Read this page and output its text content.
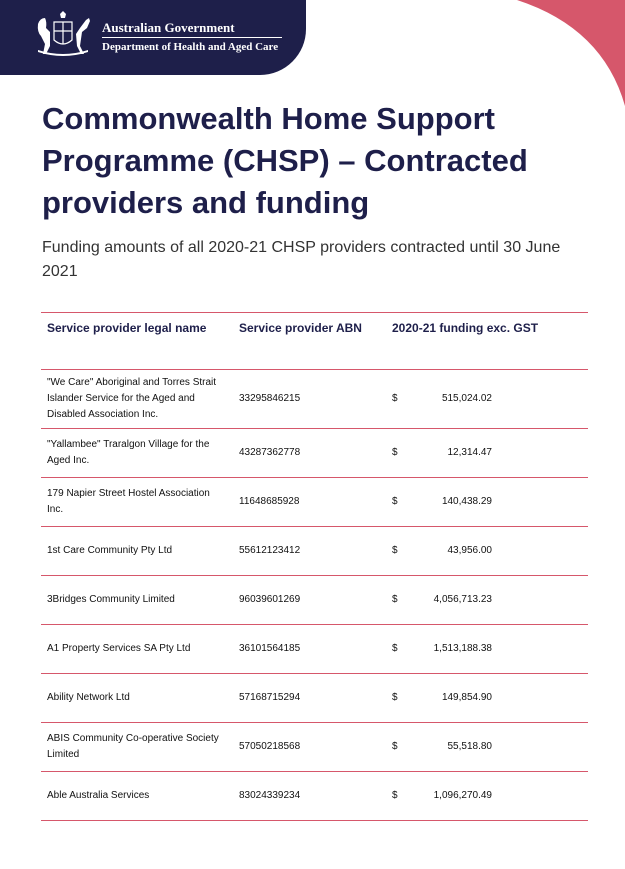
Australian Government
Department of Health and Aged Care
Commonwealth Home Support Programme (CHSP) – Contracted providers and funding

Funding amounts of all 2020-21 CHSP providers contracted until 30 June 2021

Service provider legal name	Service provider ABN	2020-21 funding exc. GST
"We Care" Aboriginal and Torres Strait Islander Service for the Aged and Disabled Association Inc.	33295846215	$ 515,024.02
"Yallambee" Traralgon Village for the Aged Inc.	43287362778	$ 12,314.47
179 Napier Street Hostel Association Inc.	11648685928	$ 140,438.29
1st Care Community Pty Ltd	55612123412	$ 43,956.00
3Bridges Community Limited	96039601269	$ 4,056,713.23
A1 Property Services SA Pty Ltd	36101564185	$ 1,513,188.38
Ability Network Ltd	57168715294	$ 149,854.90
ABIS Community Co-operative Society Limited	57050218568	$ 55,518.80
Able Australia Services	83024339234	$ 1,096,270.49
